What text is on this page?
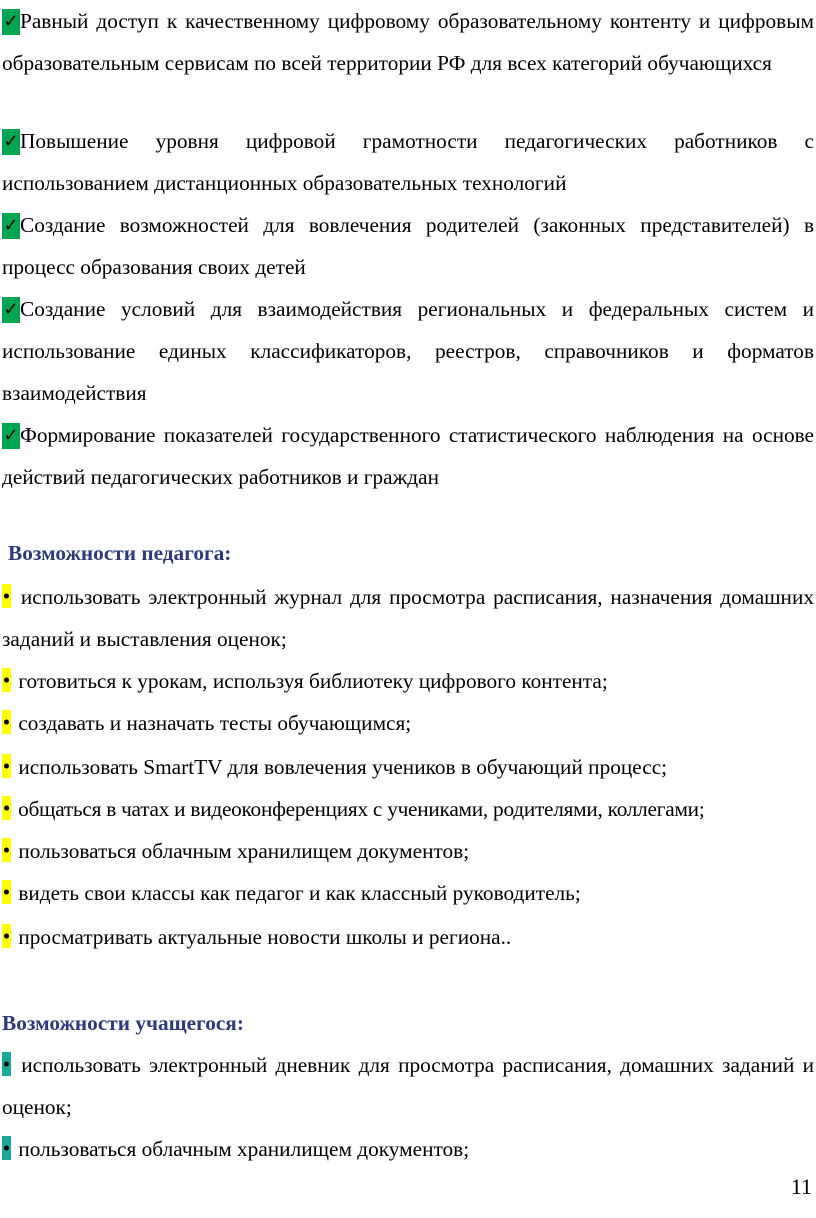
✓Равный доступ к качественному цифровому образовательному контенту и цифровым образовательным сервисам по всей территории РФ для всех категорий обучающихся

✓Повышение уровня цифровой грамотности педагогических работников с использованием дистанционных образовательных технологий

✓Создание возможностей для вовлечения родителей (законных представителей) в процесс образования своих детей

✓Создание условий для взаимодействия региональных и федеральных систем и использование единых классификаторов, реестров, справочников и форматов взаимодействия

✓Формирование показателей государственного статистического наблюдения на основе действий педагогических работников и граждан

Возможности педагога:

• использовать электронный журнал для просмотра расписания, назначения домашних заданий и выставления оценок;

• готовиться к урокам, используя библиотеку цифрового контента;

• создавать и назначать тесты обучающимся;

• использовать SmartTV для вовлечения учеников в обучающий процесс;

• общаться в чатах и видеоконференциях с учениками, родителями, коллегами;

• пользоваться облачным хранилищем документов;

• видеть свои классы как педагог и как классный руководитель;

• просматривать актуальные новости школы и региона..

Возможности учащегося:

• использовать электронный дневник для просмотра расписания, домашних заданий и оценок;

• пользоваться облачным хранилищем документов;

11
